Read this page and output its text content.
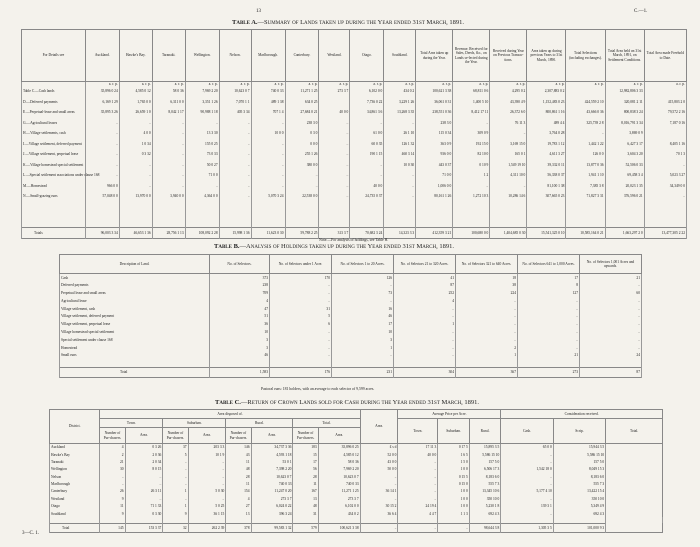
13	C.—1.
Table A.—Summary of Lands taken up during the Year ended 31st March, 1891.
For Details see	Auckland.	Hawke's Bay.	Taranaki.	Wellington.	Nelson.	Marlborough.	Canterbury.	Westland.	Otago.	Southland.	Total Area taken up during the Year.	Revenue. Received for Sales, Deeds, &c., on Lands se-lected during the Year.	Received during Year on Previous Transac-tions.	Area taken up during previous Years to 31st March, 1890.	Total Selections (including exchanges).	Total Area held on 31st March, 1891, on Settlement Conditions.	Total Area made Freehold to Date.
	a. r. p.	a. r. p.	a. r. p.	a. r. p.	a. r. p.	a. r. p.	a. r. p.	a. r. p.	a. r. p.	a. r. p.	a. r. p.	a. r. p.	a. r. p.	a. r. p.	a. r. p.	a. r. p.	a. r. p.
Table C.—Cash lands	35,896 0 24	4,585 0 12	58 0 36	7,969 2 20	10,623 0 7	740 0 33	11,271 1 25	273 3 7	6,102 0 0	434 0 2	100,621 3 38	68,811 0 6	4,295 0 2	2,307,883 0 2		12,982,806 3 33	
D.—Deferred payments	6,169 1 29	1,765 0 0	6,311 0 0	3,351 1 26	7,070 1 1	489 1 38	634 0 25		7,736 0 22	3,229 1 26	36,061 0 31	1,400 5 10	43,390 4 9	1,152,483 0 23	424,559 2 10	320,081 2 11	415,803 2 0
E.—Perpetual-lease and small areas	35,895 3 26	26,659 1 0	8,042 1 17	90,988 1 18	405 3 34	707 1 4	27,684 0 21	40 0 0	34,861 3 6	13,268 3 35	238,551 0 36	8,412 17 11	26,372 6 0	800,861 1 16	43,666 0 36	800,838 3 24	79,572 2 16
G.—Agricultural leases	..	..	..	..	..	..	238 3 0	..	..	..	238 3 0	..	76 11 3	489 4 4	325,739 2 8	8,016,791 3 34	7,187 0 16
H.—Village settlements, cash	..	4 0 0	..	13 3 30	..	10 0 0	0 3 0	..	61 0 0	26 1 10	115 0 34	309 0 9	..	3,764 0 28	..	3,869 0 9	
I.—Village settlement, deferred payment	..	1 0 34	..	155 0 25	..	..	0 0 0	..	60 0 35	126 1 32	363 0 9	192 15 0	3,169 15 0	19,783 1 12	1,442 1 22	6,427 3 17	8,405 1 16
J.—Village settlement, perpetual lease	..	0 3 32	..	73 0 33	..	..	255 1 26	..	190 1 15	460 3 14	936 0 0	82 10 0	165 0 1	4,611 3 27	126 0 0	3,604 3 20	70 1 3
K.—Village homestead special settlement	..	..	..	50 0 27	..	..	380 0 0	..	..	10 0 30	443 0 37	0 10 9	1,549 19 10	39,332 0 11	13,877 0 36	52,506 0 33	..
L.—Special settlement associations under clause 168	..	..	..	71 0 0	..	..	..	..	..	..	71 0 0	1 2	4,311 10 0	56,338 0 37	1,941 1 10	69,458 3 4	5,023 3 27
M.—Homestead	966 0 0	..	..	..	..	..	..	..	40 0 0	..	1,006 0 0	..	..	81,100 1 38	7,385 3 8	20,023 1 35	34,349 0 0
N.—Small-grazing runs	57,048 0 0	13,970 0 0	3,940 0 0	4,364 0 0	..	5,070 3 24	22,538 0 0	..	24,735 0 37	..	80,161 1 26	1,272 10 3	10,286 14 6	307,665 0 23	71,827 3 31	376,596 0 21	..

Totals	96,003 3 34	46,653 1 36	28,756 1 13	108,092 2 28	15,998 1 36	11,623 0 30	59,788 2 25	313 3 7	70,682 3 24	14,323 3 3	412,359 3 21	100,680 0 0	1,404,685 0 30	15,541,325 0 10	10,585,164 0 21	1,663,297 2 0	13,477,305 2 22
Note.—For analysis of holdings, see Table H.
Table B.—Analysis of Holdings taken up during the Year ended 31st March, 1891.
Description of Land.	No. of Selectors.	No. of Selectors under 1 Acre.	No. of Selectors 1 to 20 Acres.	No. of Selectors 21 to 320 Acres.	No. of Selectors 321 to 640 Acres.	No. of Selectors 641 to 1,000 Acres.	No. of Selectors 1,001 Acres and upwards.
Cash	373	170	126	41	18	17	21
Deferred payments	238	..	..	87	38	8	..
Perpetual lease and small areas	709	..	73	252	224	127	60
Agricultural lease	4	..	..	4	..	..	..
Village settlement, cash	47	31	16	..	..	..	..
Village settlement, deferred payment	51	5	46	..	..	..	..
Village settlement, perpetual lease	36	6	17	1	..	..	..
Village homestead special settlement	10	..	10	..	..	..	..
Special settlement under clause 168	3	..	3	..	..	..	..
Homestead	3	..	1	..	2	..	..
Small runs	46	..	..	..	1	21	24

Total	1,583	176	231	304	367	273	87
Pastoral runs: 181 holders, with an average to each selector of 9,599 acres.
Table C.—Return of Crown Lands sold for Cash during the Year ended 31st March, 1891.
District.	Area disposed of.								Area.	Average Price per Acre.			Consideration received.		
	Town.		Suburban.		Rural.		Total.			Town.	Suburban.	Rural.	Cash.	Scrip.	Total.
	Number of Pur-chasers.	Area.	Number of Pur-chasers.	Area.	Number of Pur-chasers.	Area.	Number of Pur-chasers.	Area.							
Auckland	4	0 3 26	37	203 3 3	146	34,737 3 36	183	35,896 0 25	£ s d	17 11 3	0 17 5	15,895 3 5	65 0 0	15,944 3 5	
Hawke's Bay	2	2 0 36	5	10 1 9	43	4,593 1 18	15	4,585 0 12	52 0 0	40 0 0	1 6 5	5,586 15 10	..	5,586 15 10	
Taranaki	21	2 0 34	..	..	11	53 0 1	17	58 0 36	43 0 0	..	1 5 0	157 5 0	..	157 5 0	
Wellington	30	8 0 15	..	..	48	7,398 2 20	56	7,969 2 20	50 0 0	..	1 0 0	6,506 17 3	1,542 18 0	8,049 15 3	
Nelson	..	..	..	..	28	10,623 0 7	28	10,623 0 7	..	..	0 15 5	8,183 6 0	..	8,183 6 0	
Marlborough	..	..	..	..	11	740 0 33	11	740 0 33	..	..	0 15 0	555 7 3	..	555 7 3	
Canterbury	26	26 3 11	1	5 0 30	154	11,247 0 20	167	11,271 1 25	36 14 1	..	1 0 0	13,345 10 6	5,177 4 10	13,422 15 4	
Westland	9	..	..	..	4	273 3 7	13	273 3 7	..	..	1 0 0	350 10 0	..	350 10 0	
Otago	11	71 1 33	1	5 0 25	27	6,024 0 22	48	6,102 0 0	30 15 2	24 19 4	1 0 0	5,230 1 8	139 3 1	5,349 4 9	
Southland	9	0 3 30	9	36 1 15	13	396 3 24	31	434 0 2	36 6 4	4 4 7	1 1 3	692 4 3	..	692 4 3	

Total	145	153 3 37	32	262 2 39	378	99,583 1 32	579	100,621 3 38	..	..	..	98,644 3 8	1,305 3 5	101,000 9 3	
3—C. 1.
